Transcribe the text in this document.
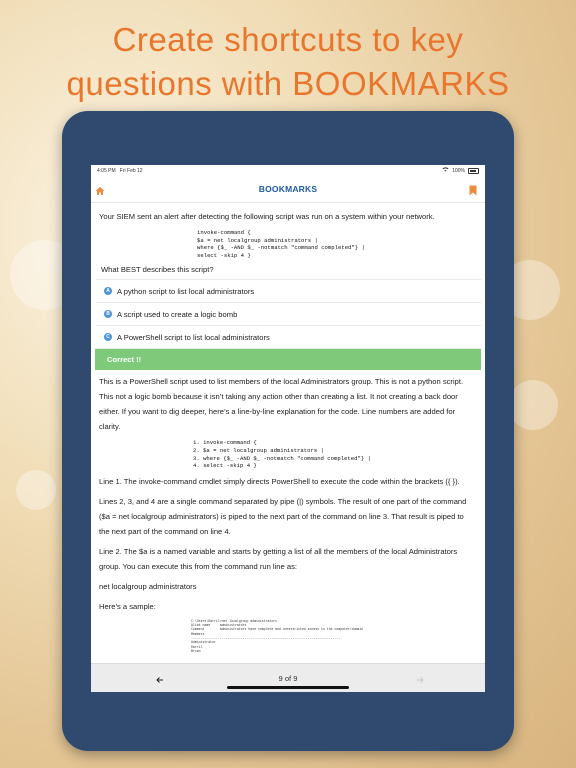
Create shortcuts to key
questions with BOOKMARKS
4:05 PM Fri Feb 12	100%
BOOKMARKS
Your SIEM sent an alert after detecting the following script was run on a system within your network.
invoke-command {
$a = net localgroup administrators |
where {$_ -AND $_ -notmatch "command completed"} |
select -skip 4 }
What BEST describes this script?
A A python script to list local administrators
B A script used to create a logic bomb
C A PowerShell script to list local administrators
Correct !!

This is a PowerShell script used to list members of the local Administrators group. This is not a python script. This not a logic bomb because it isn’t taking any action other than creating a list. It not creating a back door either. If you want to dig deeper, here’s a line-by-line explanation for the code. Line numbers are added for clarity.

1. invoke-command {
2. $a = net localgroup administrators |
3. where {$_ -AND $_ -notmatch "command completed"} |
4. select -skip 4 }

Line 1. The invoke-command cmdlet simply directs PowerShell to execute the code within the brackets ({ }).

Lines 2, 3, and 4 are a single command separated by pipe (|) symbols. The result of one part of the command ($a = net localgroup administrators) is piped to the next part of the command on line 3. That result is piped to the next part of the command on line 4.

Line 2. The $a is a named variable and starts by getting a list of all the members of the local Administrators group. You can execute this from the command run line as:

net localgroup administrators

Here’s a sample:

C:\Users\Darril>net localgroup administrators
Alias name     administrators
Comment        Administrators have complete and unrestricted access to the computer/domain
Members
-------------------------------------------------------------------------------
Administrator
Darril
Brian
9 of 9
